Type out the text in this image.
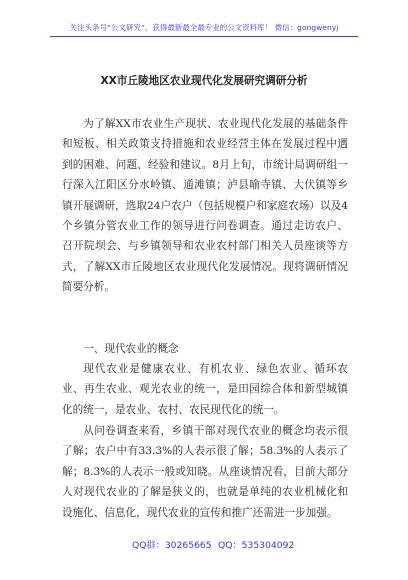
关注头条号“公文研究”，获得最新最全最专业的公文资料库！ 微信：gongwenyj
XX市丘陵地区农业现代化发展研究调研分析

为了解XX市农业生产现状、农业现代化发展的基础条件和短板、相关政策支持措施和农业经营主体在发展过程中遇到的困难、问题、经验和建议。8月上旬，市统计局调研组一行深入江阳区分水岭镇、通滩镇；泸县喻寺镇、大伏镇等乡镇开展调研，选取24户农户（包括规模户和家庭农场）以及4个乡镇分管农业工作的领导进行问卷调查。通过走访农户、召开院坝会、与乡镇领导和农业农村部门相关人员座谈等方式，了解XX市丘陵地区农业现代化发展情况。现将调研情况简要分析。

一、现代农业的概念

现代农业是健康农业、有机农业、绿色农业、循环农业、再生农业、观光农业的统一，是田园综合体和新型城镇化的统一，是农业、农村、农民现代化的统一。

从问卷调查来看，乡镇干部对现代农业的概念均表示很了解；农户中有33.3%的人表示很了解；58.3%的人表示了解；8.3%的人表示一般或知晓。从座谈情况看，目前大部分人对现代农业的了解是狭义的，也就是单纯的农业机械化和设施化、信息化，现代农业的宣传和推广还需进一步加强。

QQ群：30265665 QQ：535304092
